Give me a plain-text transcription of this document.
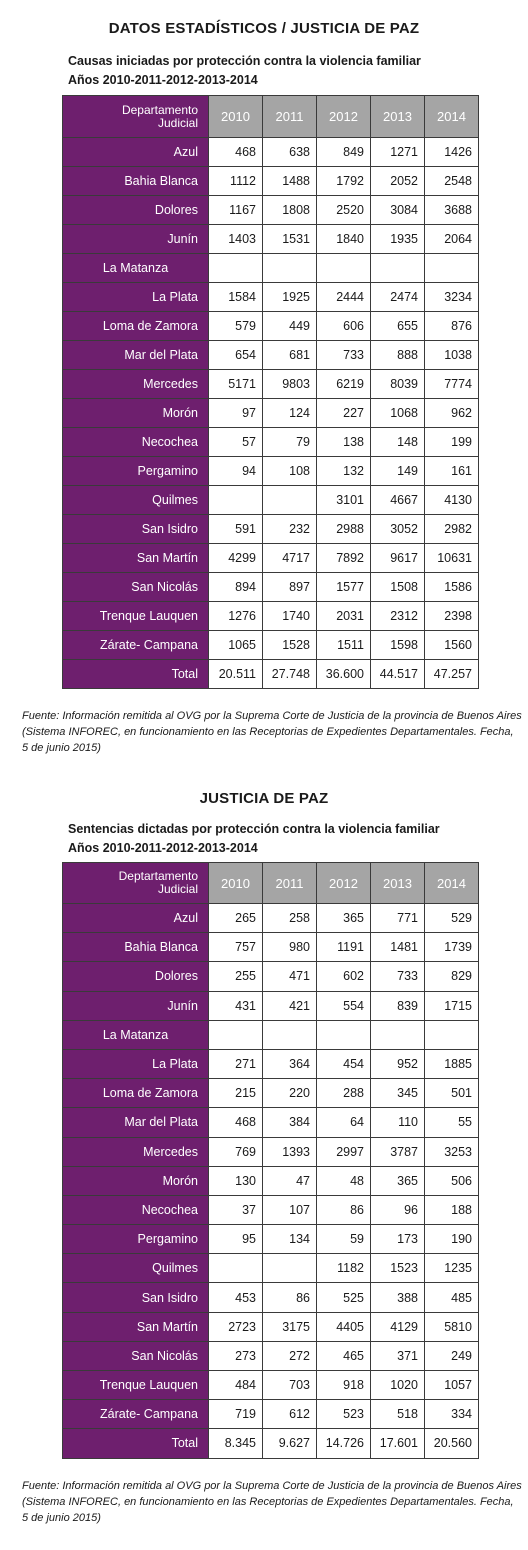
DATOS ESTADÍSTICOS / JUSTICIA DE PAZ

Causas iniciadas por protección contra la violencia familiar

Años 2010-2011-2012-2013-2014

Departamento
Judicial	2010	2011	2012	2013	2014
Azul	468	638	849	1271	1426
Bahia Blanca	1112	1488	1792	2052	2548
Dolores	1167	1808	2520	3084	3688
Junín	1403	1531	1840	1935	2064
La Matanza					
La Plata	1584	1925	2444	2474	3234
Loma de Zamora	579	449	606	655	876
Mar del Plata	654	681	733	888	1038
Mercedes	5171	9803	6219	8039	7774
Morón	97	124	227	1068	962
Necochea	57	79	138	148	199
Pergamino	94	108	132	149	161
Quilmes			3101	4667	4130
San Isidro	591	232	2988	3052	2982
San Martín	4299	4717	7892	9617	10631
San Nicolás	894	897	1577	1508	1586
Trenque Lauquen	1276	1740	2031	2312	2398
Zárate- Campana	1065	1528	1511	1598	1560
Total	20.511	27.748	36.600	44.517	47.257

Fuente: Información remitida al OVG por la Suprema Corte de Justicia de la provincia de Buenos Aires (Sistema INFOREC, en funcionamiento en las Receptorias de Expedientes Departamentales. Fecha, 5 de junio 2015)

JUSTICIA DE PAZ

Sentencias dictadas por protección contra la violencia familiar

Años 2010-2011-2012-2013-2014

Deptartamento
Judicial	2010	2011	2012	2013	2014
Azul	265	258	365	771	529
Bahia Blanca	757	980	1191	1481	1739
Dolores	255	471	602	733	829
Junín	431	421	554	839	1715
La Matanza					
La Plata	271	364	454	952	1885
Loma de Zamora	215	220	288	345	501
Mar del Plata	468	384	64	110	55
Mercedes	769	1393	2997	3787	3253
Morón	130	47	48	365	506
Necochea	37	107	86	96	188
Pergamino	95	134	59	173	190
Quilmes			1182	1523	1235
San Isidro	453	86	525	388	485
San Martín	2723	3175	4405	4129	5810
San Nicolás	273	272	465	371	249
Trenque Lauquen	484	703	918	1020	1057
Zárate- Campana	719	612	523	518	334
Total	8.345	9.627	14.726	17.601	20.560

Fuente: Información remitida al OVG por la Suprema Corte de Justicia de la provincia de Buenos Aires (Sistema INFOREC, en funcionamiento en las Receptorias de Expedientes Departamentales. Fecha, 5 de junio 2015)
